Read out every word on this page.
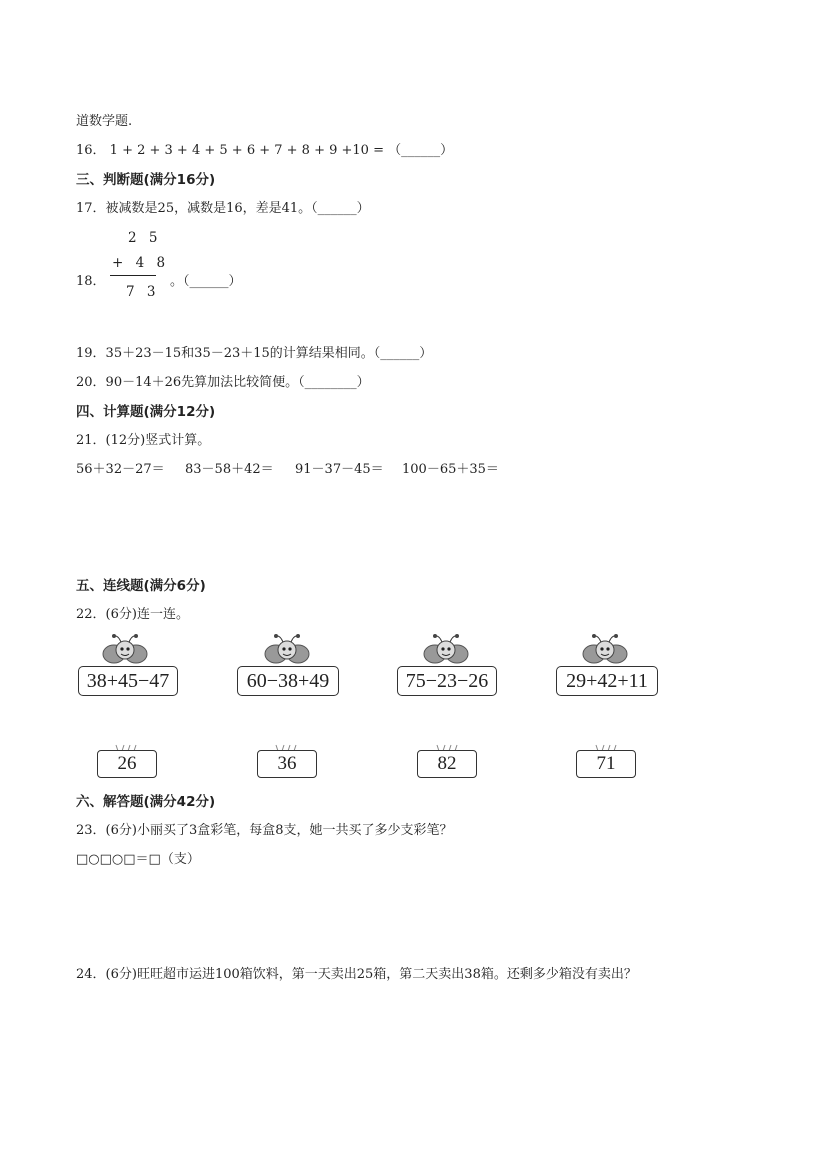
道数学题.
16． 1 + 2 + 3 + 4 + 5 + 6 + 7 + 8 + 9 +10 = （______）
三、判断题(满分16分)
17．被减数是25，减数是16，差是41。（______）
18．
2 5
+ 4 8
7 3
。（______）
19．35＋23－15和35－23＋15的计算结果相同。（______）
20．90－14＋26先算加法比较简便。（________）
四、计算题(满分12分)
21．(12分)竖式计算。
56＋32－27＝ 83－58＋42＝ 91－37－45＝ 100－65＋35＝
五、连线题(满分6分)
22．(6分)连一连。
38+45−47	60−38+49	75−23−26	29+42+11
26	36	82	71
六、解答题(满分42分)
23．(6分)小丽买了3盒彩笔，每盒8支，她一共买了多少支彩笔？
□○□○□＝□（支）
24．(6分)旺旺超市运进100箱饮料，第一天卖出25箱，第二天卖出38箱。还剩多少箱没有卖出？
